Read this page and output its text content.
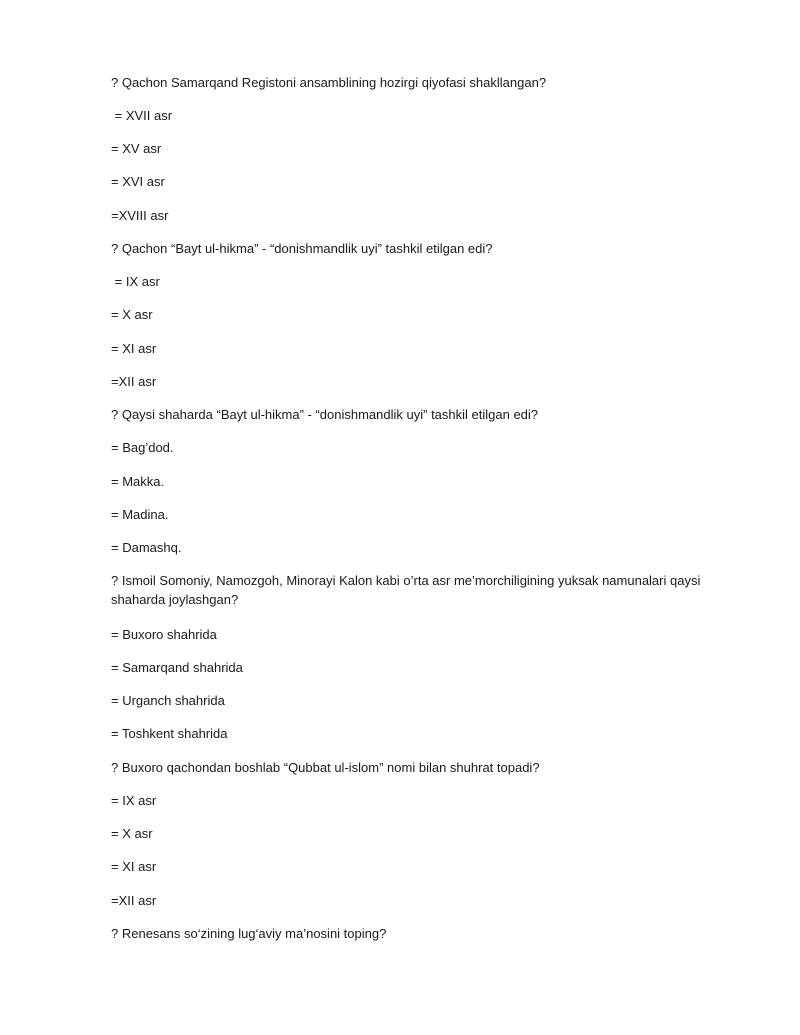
? Qachon Samarqand Registoni ansamblining hozirgi qiyofasi shakllangan?

= XVII asr

= XV asr

= XVI asr

=XVIII asr

? Qachon “Bayt ul-hikma” - “donishmandlik uyi” tashkil etilgan edi?

= IX asr

= X asr

= XI asr

=XII asr

? Qaysi shaharda “Bayt ul-hikma” - “donishmandlik uyi” tashkil etilgan edi?

= Bag’dod.

= Makka.

= Madina.

= Damashq.

? Ismoil Somoniy, Namozgoh, Minorayi Kalon kabi o’rta asr me’morchiligining yuksak namunalari qaysi shaharda joylashgan?

= Buxoro shahrida

= Samarqand shahrida

= Urganch shahrida

= Toshkent shahrida

? Buxoro qachondan boshlab “Qubbat ul-islom” nomi bilan shuhrat topadi?

= IX asr

= X asr

= XI asr

=XII asr

? Renesans so‘zining lug‘aviy ma’nosini toping?
